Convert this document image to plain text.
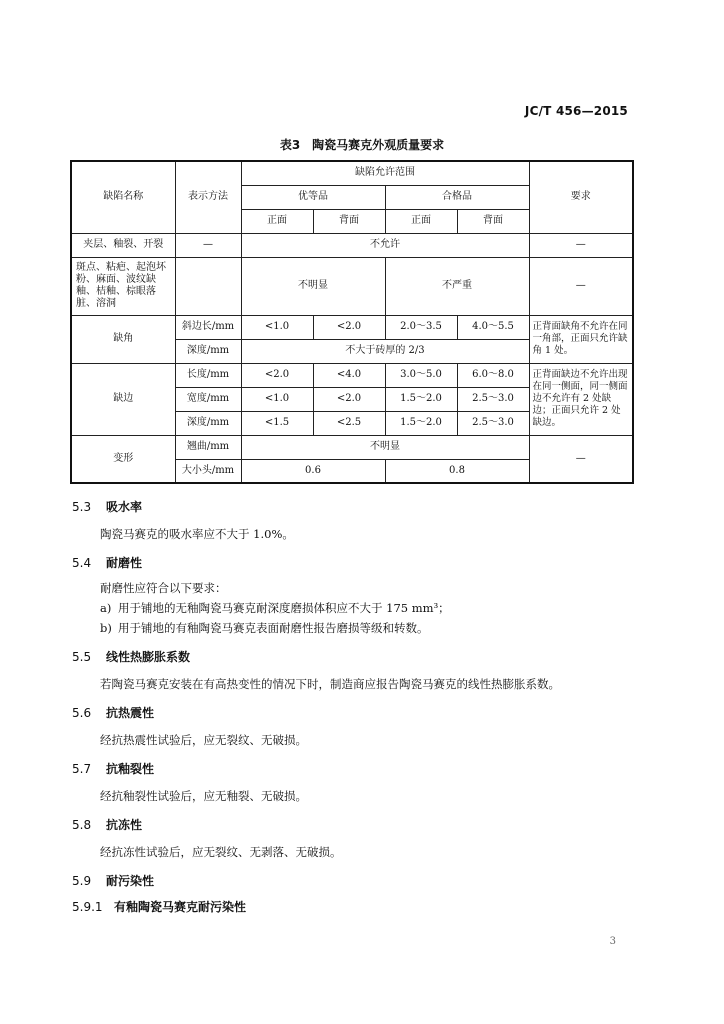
JC/T 456—2015
表3　陶瓷马赛克外观质量要求
缺陷名称	表示方法	缺陷允许范围				要求
		优等品		合格品		
		正面	背面	正面	背面	
夹层、釉裂、开裂	—	不允许				—
斑点、粘疤、起泡坏粉、麻面、波纹缺釉、桔釉、棕眼落脏、溶洞		不明显		不严重		—
缺角	斜边长/mm	<1.0	<2.0	2.0～3.5	4.0～5.5	正背面缺角不允许在同一角部，正面只允许缺角 1 处。
	深度/mm	不大于砖厚的 2/3				
缺边	长度/mm	<2.0	<4.0	3.0～5.0	6.0～8.0	正背面缺边不允许出现在同一侧面，同一侧面边不允许有 2 处缺边；正面只允许 2 处缺边。
	宽度/mm	<1.0	<2.0	1.5～2.0	2.5～3.0	
	深度/mm	<1.5	<2.5	1.5～2.0	2.5～3.0	
变形	翘曲/mm	不明显				—
	大小头/mm	0.6		0.8		
5.3 吸水率
陶瓷马赛克的吸水率应不大于 1.0%。
5.4 耐磨性
耐磨性应符合以下要求：
a) 用于铺地的无釉陶瓷马赛克耐深度磨损体积应不大于 175 mm³；
b) 用于铺地的有釉陶瓷马赛克表面耐磨性报告磨损等级和转数。
5.5 线性热膨胀系数
若陶瓷马赛克安装在有高热变性的情况下时，制造商应报告陶瓷马赛克的线性热膨胀系数。
5.6 抗热震性
经抗热震性试验后，应无裂纹、无破损。
5.7 抗釉裂性
经抗釉裂性试验后，应无釉裂、无破损。
5.8 抗冻性
经抗冻性试验后，应无裂纹、无剥落、无破损。
5.9 耐污染性
5.9.1 有釉陶瓷马赛克耐污染性
3
